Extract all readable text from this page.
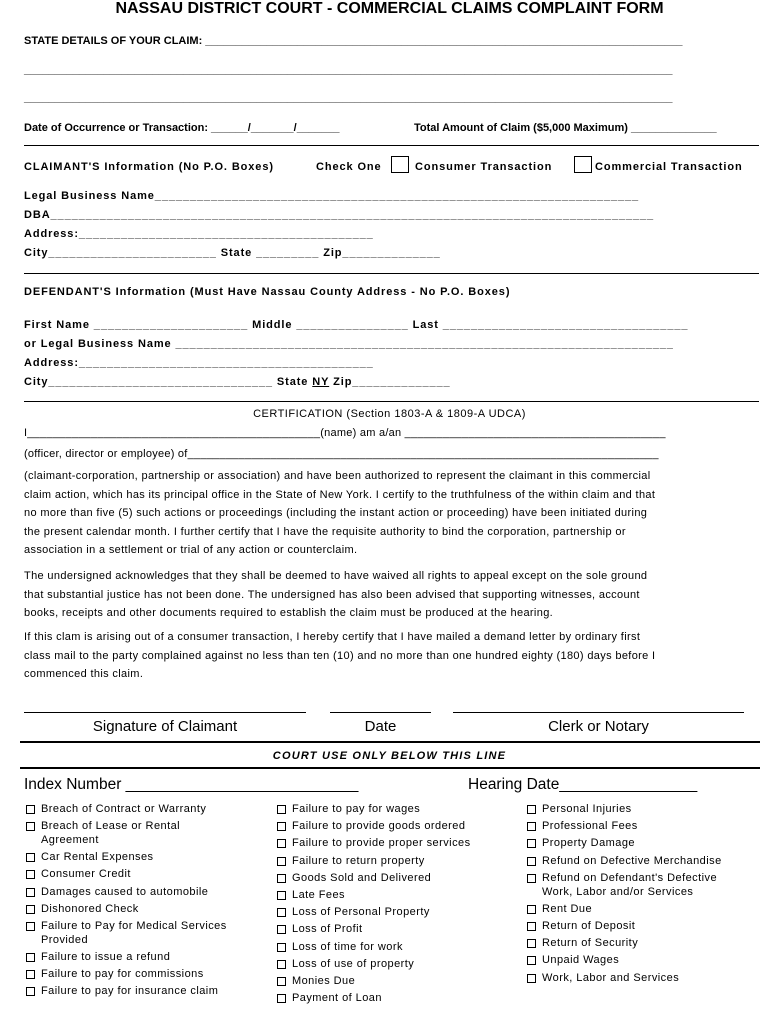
NASSAU DISTRICT COURT - COMMERCIAL CLAIMS COMPLAINT FORM
STATE DETAILS OF YOUR CLAIM: ______________________________________________________________________________
__________________________________________________________________________________________________________
__________________________________________________________________________________________________________
Date of Occurrence or Transaction: ______/_______/_______	Total Amount of Claim ($5,000 Maximum) ______________
CLAIMANT'S Information (No P.O. Boxes)	Check One	Consumer Transaction	Commercial Transaction
Legal Business Name_____________________________________________________________________
DBA______________________________________________________________________________________
Address:__________________________________________
City________________________ State _________ Zip______________
DEFENDANT'S Information (Must Have Nassau County Address - No P.O. Boxes)
First Name ______________________ Middle ________________ Last ___________________________________
or Legal Business Name _______________________________________________________________________
Address:__________________________________________
City________________________________ State NY Zip______________
CERTIFICATION (Section 1803-A & 1809-A UDCA)
I______________________________________________(name) am a/an _________________________________________
(officer, director or employee) of__________________________________________________________________________
(claimant-corporation, partnership or association) and have been authorized to represent the claimant in this commercial
claim action, which has its principal office in the State of New York. I certify to the truthfulness of the within claim and that
no more than five (5) such actions or proceedings (including the instant action or proceeding) have been initiated during
the present calendar month. I further certify that I have the requisite authority to bind the corporation, partnership or
association in a settlement or trial of any action or counterclaim.
The undersigned acknowledges that they shall be deemed to have waived all rights to appeal except on the sole ground
that substantial justice has not been done. The undersigned has also been advised that supporting witnesses, account
books, receipts and other documents required to establish the claim must be produced at the hearing.
If this clam is arising out of a consumer transaction, I hereby certify that I have mailed a demand letter by ordinary first
class mail to the party complained against no less than ten (10) and no more than one hundred eighty (180) days before I
commenced this claim.
Signature of Claimant	Date	Clerk or Notary
COURT USE ONLY BELOW THIS LINE
Index Number ___________________________	Hearing Date________________
Breach of Contract or Warranty
Breach of Lease or Rental
Agreement
Car Rental Expenses
Consumer Credit
Damages caused to automobile
Dishonored Check
Failure to Pay for Medical Services
Provided
Failure to issue a refund
Failure to pay for commissions
Failure to pay for insurance claim
Failure to pay for wages
Failure to provide goods ordered
Failure to provide proper services
Failure to return property
Goods Sold and Delivered
Late Fees
Loss of Personal Property
Loss of Profit
Loss of time for work
Loss of use of property
Monies Due
Payment of Loan
Personal Injuries
Professional Fees
Property Damage
Refund on Defective Merchandise
Refund on Defendant's Defective
Work, Labor and/or Services
Rent Due
Return of Deposit
Return of Security
Unpaid Wages
Work, Labor and Services
